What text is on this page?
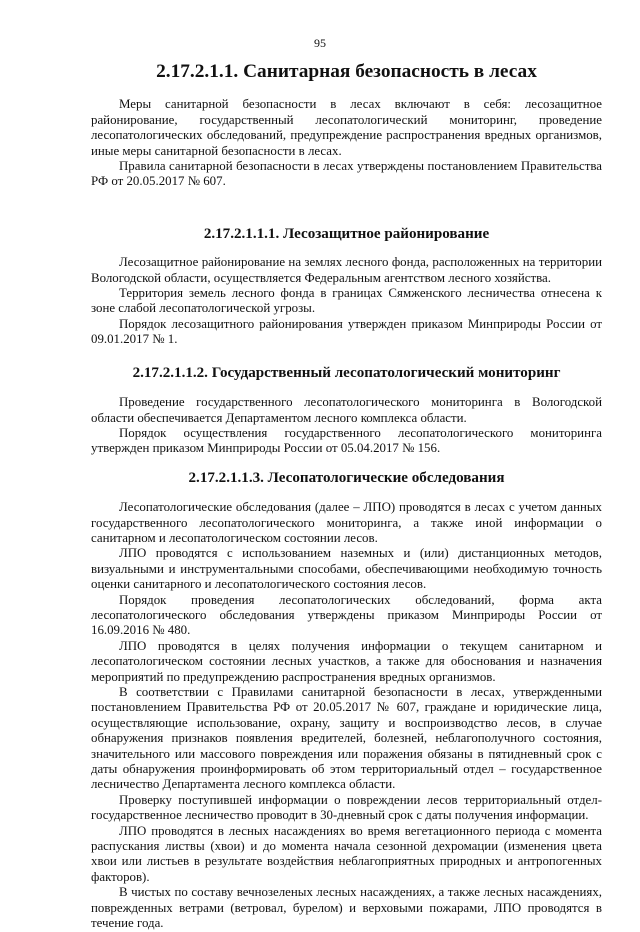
95
2.17.2.1.1. Санитарная безопасность в лесах

Меры санитарной безопасности в лесах включают в себя: лесозащитное районирование, государственный лесопатологический мониторинг, проведение лесопатологических обследований, предупреждение распространения вредных организмов, иные меры санитарной безопасности в лесах.

Правила санитарной безопасности в лесах утверждены постановлением Правительства РФ от 20.05.2017 № 607.

2.17.2.1.1.1. Лесозащитное районирование

Лесозащитное районирование на землях лесного фонда, расположенных на территории Вологодской области, осуществляется Федеральным агентством лесного хозяйства.

Территория земель лесного фонда в границах Сямженского лесничества отнесена к зоне слабой лесопатологической угрозы.

Порядок лесозащитного районирования утвержден приказом Минприроды России от 09.01.2017 № 1.

2.17.2.1.1.2. Государственный лесопатологический мониторинг

Проведение государственного лесопатологического мониторинга в Вологодской области обеспечивается Департаментом лесного комплекса области.

Порядок осуществления государственного лесопатологического мониторинга утвержден приказом Минприроды России от 05.04.2017 № 156.

2.17.2.1.1.3. Лесопатологические обследования

Лесопатологические обследования (далее – ЛПО) проводятся в лесах с учетом данных государственного лесопатологического мониторинга, а также иной информации о санитарном и лесопатологическом состоянии лесов.

ЛПО проводятся с использованием наземных и (или) дистанционных методов, визуальными и инструментальными способами, обеспечивающими необходимую точность оценки санитарного и лесопатологического состояния лесов.

Порядок проведения лесопатологических обследований, форма акта лесопатологического обследования утверждены приказом Минприроды России от 16.09.2016 № 480.

ЛПО проводятся в целях получения информации о текущем санитарном и лесопатологическом состоянии лесных участков, а также для обоснования и назначения мероприятий по предупреждению распространения вредных организмов.

В соответствии с Правилами санитарной безопасности в лесах, утвержденными постановлением Правительства РФ от 20.05.2017 № 607, граждане и юридические лица, осуществляющие использование, охрану, защиту и воспроизводство лесов, в случае обнаружения признаков появления вредителей, болезней, неблагополучного состояния, значительного или массового повреждения или поражения обязаны в пятидневный срок с даты обнаружения проинформировать об этом территориальный отдел – государственное лесничество Департамента лесного комплекса области.

Проверку поступившей информации о повреждении лесов территориальный отдел-государственное лесничество проводит в 30-дневный срок с даты получения информации.

ЛПО проводятся в лесных насаждениях во время вегетационного периода с момента распускания листвы (хвои) и до момента начала сезонной дехромации (изменения цвета хвои или листьев в результате воздействия неблагоприятных природных и антропогенных факторов).

В чистых по составу вечнозеленых лесных насаждениях, а также лесных насаждениях, поврежденных ветрами (ветровал, бурелом) и верховыми пожарами, ЛПО проводятся в течение года.
